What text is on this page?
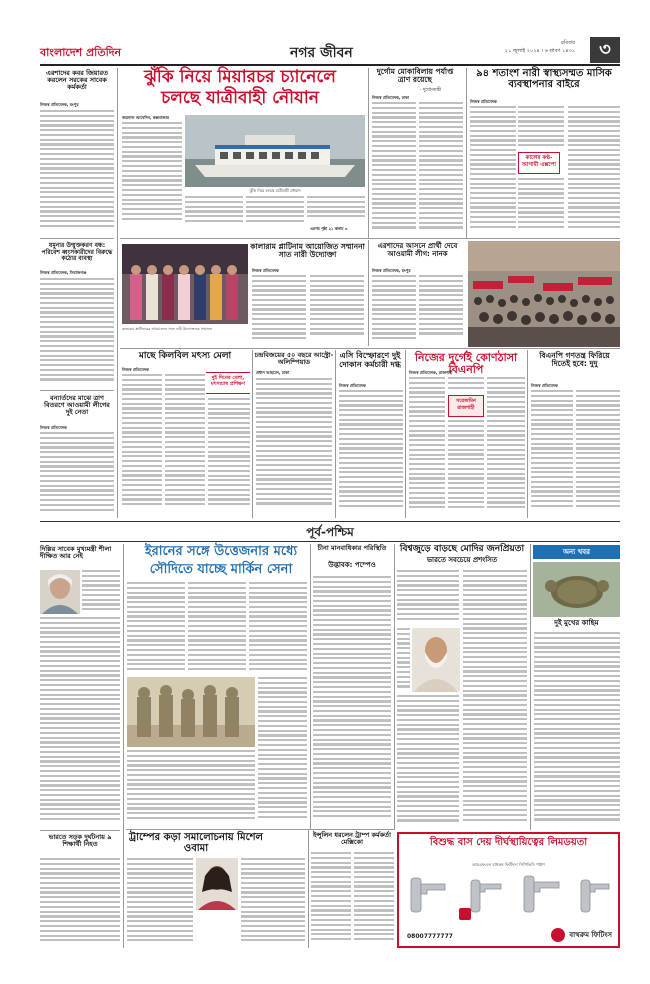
বাংলাদেশ প্রতিদিন	নগর জীবন
রবিবার
২১ জুলাই ২০২৪ । ৬ শ্রাবণ ১৪৩১	৩
এরশাদের কবর জিয়ারত করলেন সরকের সাবেক কর্মকর্তা
নিজস্ব প্রতিবেদক, রংপুর
যমুনার উন্মুক্তকরণ বন্ধ: পরিবেশ ধ্বংসকারীদের বিরুদ্ধে কঠোর ব্যবস্থা
নিজস্ব প্রতিবেদক, সিরাজগঞ্জ
বন্যার্তদের মাঝে ত্রাণ বিতরণে আওয়ামী লীগের দুই নেতা
নিজস্ব প্রতিবেদক
ঝুঁকি নিয়ে মিয়ারচর চ্যানেলে
চলছে যাত্রীবাহী নৌযান
জয়নাল আবেদিন, কক্সবাজার
ঝুঁকি নিয়ে চলছে যাত্রীবাহী নৌযান
এরপর পৃষ্ঠা ২১ কলাম ৩
দুর্গোম মোকাবিলায় পর্যাপ্ত ত্রাণ রয়েছে
- দুর্যোগমন্ত্রী
নিজস্ব প্রতিবেদক, ঢাকা
৯৪ শতাংশ নারী স্বাস্থ্যসম্মত মাসিক ব্যবস্থাপনার বাইরে
নিজস্ব প্রতিবেদক
কালের কণ্ঠ-আগামী এক্সপো
কালারাম প্লাটিনাম আয়োজিত সম্মাননা সাত নারী উদ্যোক্তা
কালারাম প্লাটিনামের আয়োজনে সাত নারী উদ্যোক্তাকে সম্মাননা
নিজস্ব প্রতিবেদক
এরশাদের আসনে প্রার্থী দেবে আওয়ামী লীগ: নানক
নিজস্ব প্রতিবেদক, রংপুর
মাছে কিলবিল মৎস্য মেলা
নিজস্ব প্রতিবেদক
দুই দিনের মেলা, মৎস্যচাষ প্রশিক্ষণ
চন্দ্রবিজয়ের ৫০ বছরে আস্ট্রো-অলিম্পিয়াড
প্রধান আহমেদ, ঢাকা
এসি বিস্ফোরণে দুই দোকান কর্মচারী দগ্ধ
নিজস্ব প্রতিবেদক
নিজের দুর্গেই কোণঠাসা বিএনপি
নিজস্ব প্রতিবেদক, রাজশাহী
সরেজমিন রাজশাহী
বিএনপি গণতন্ত্র ফিরিয়ে দিতেই হবে: দুদু
নিজস্ব প্রতিবেদক
পূর্ব-পশ্চিম
দিল্লির সাবেক মুখ্যমন্ত্রী শীলা দীক্ষিত আর নেই
ভারতে সড়ক দুর্ঘটনায় ৯ শিক্ষার্থী নিহত
ইরানের সঙ্গে উত্তেজনার মধ্যে
সৌদিতে যাচ্ছে মার্কিন সেনা
চীনা মানবাধিকার পরিস্থিতি
উদ্ভাবক: পম্পেও
বিশ্বজুড়ে বাড়ছে মোদির জনপ্রিয়তা
ভারতে সবচেয়ে প্রশংসিত
অন্য খবর
দুই মুখের কাছিম
ট্রাম্পের কড়া সমালোচনায় মিশেল ওবামা
ইন্সুলিন ধরলেন ট্রাম্প কর্মকর্তা মেক্সিকো	বিশুদ্ধ বাস দেয় দীর্ঘস্থায়িত্বের লিমডয়তা
আরএফএল বাথরুম ফিটিংস: সিপিভিসি পাইপ
08007777777	বাথরুম ফিটিংস
